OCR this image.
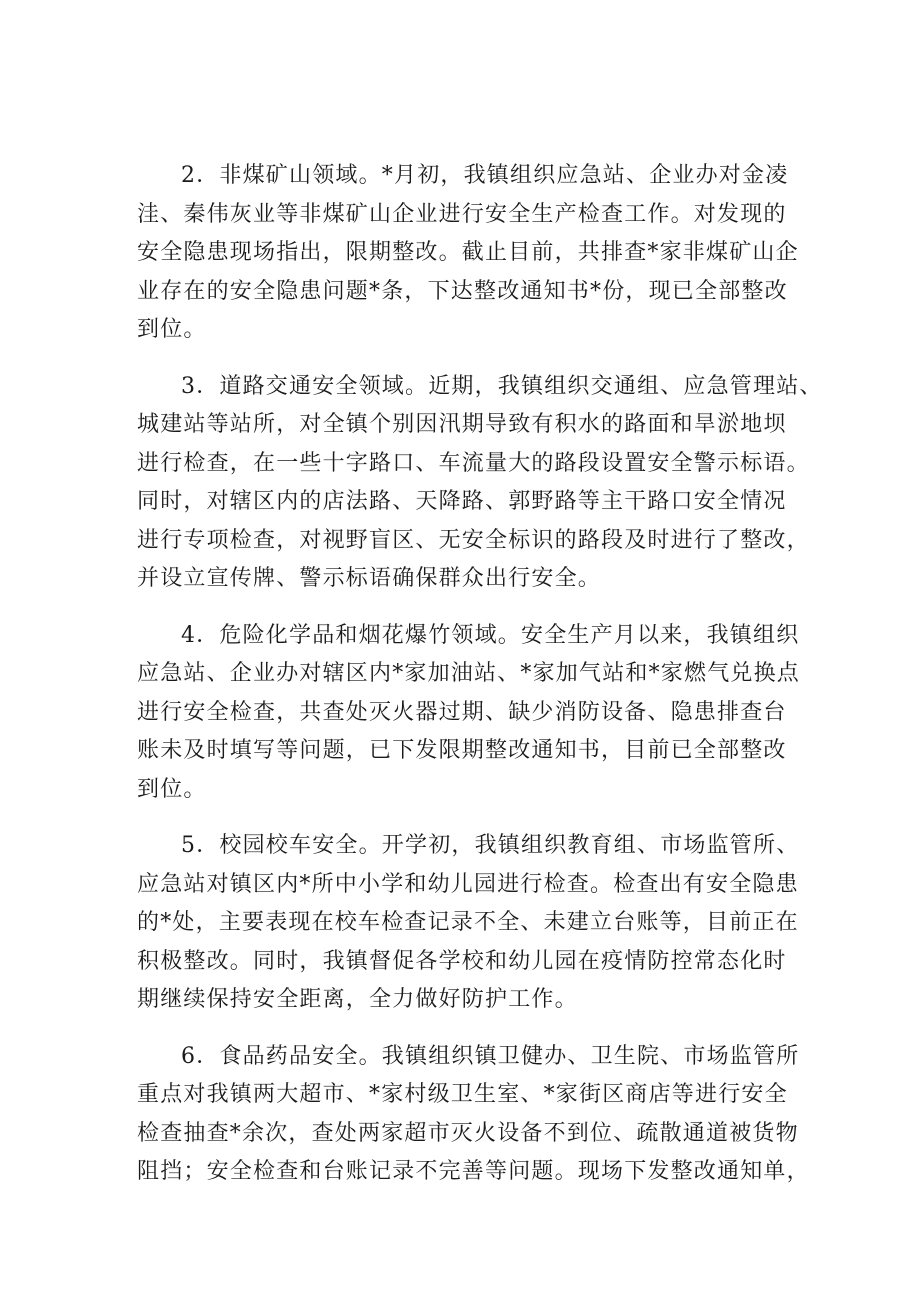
2．非煤矿山领域。*月初，我镇组织应急站、企业办对金凌
洼、秦伟灰业等非煤矿山企业进行安全生产检查工作。对发现的
安全隐患现场指出，限期整改。截止目前，共排查*家非煤矿山企
业存在的安全隐患问题*条，下达整改通知书*份，现已全部整改
到位。

3．道路交通安全领域。近期，我镇组织交通组、应急管理站、
城建站等站所，对全镇个别因汛期导致有积水的路面和旱淤地坝
进行检查，在一些十字路口、车流量大的路段设置安全警示标语。
同时，对辖区内的店法路、天降路、郭野路等主干路口安全情况
进行专项检查，对视野盲区、无安全标识的路段及时进行了整改，
并设立宣传牌、警示标语确保群众出行安全。

4．危险化学品和烟花爆竹领域。安全生产月以来，我镇组织
应急站、企业办对辖区内*家加油站、*家加气站和*家燃气兑换点
进行安全检查，共查处灭火器过期、缺少消防设备、隐患排查台
账未及时填写等问题，已下发限期整改通知书，目前已全部整改
到位。

5．校园校车安全。开学初，我镇组织教育组、市场监管所、
应急站对镇区内*所中小学和幼儿园进行检查。检查出有安全隐患
的*处，主要表现在校车检查记录不全、未建立台账等，目前正在
积极整改。同时，我镇督促各学校和幼儿园在疫情防控常态化时
期继续保持安全距离，全力做好防护工作。

6．食品药品安全。我镇组织镇卫健办、卫生院、市场监管所
重点对我镇两大超市、*家村级卫生室、*家街区商店等进行安全
检查抽查*余次，查处两家超市灭火设备不到位、疏散通道被货物
阻挡；安全检查和台账记录不完善等问题。现场下发整改通知单，
